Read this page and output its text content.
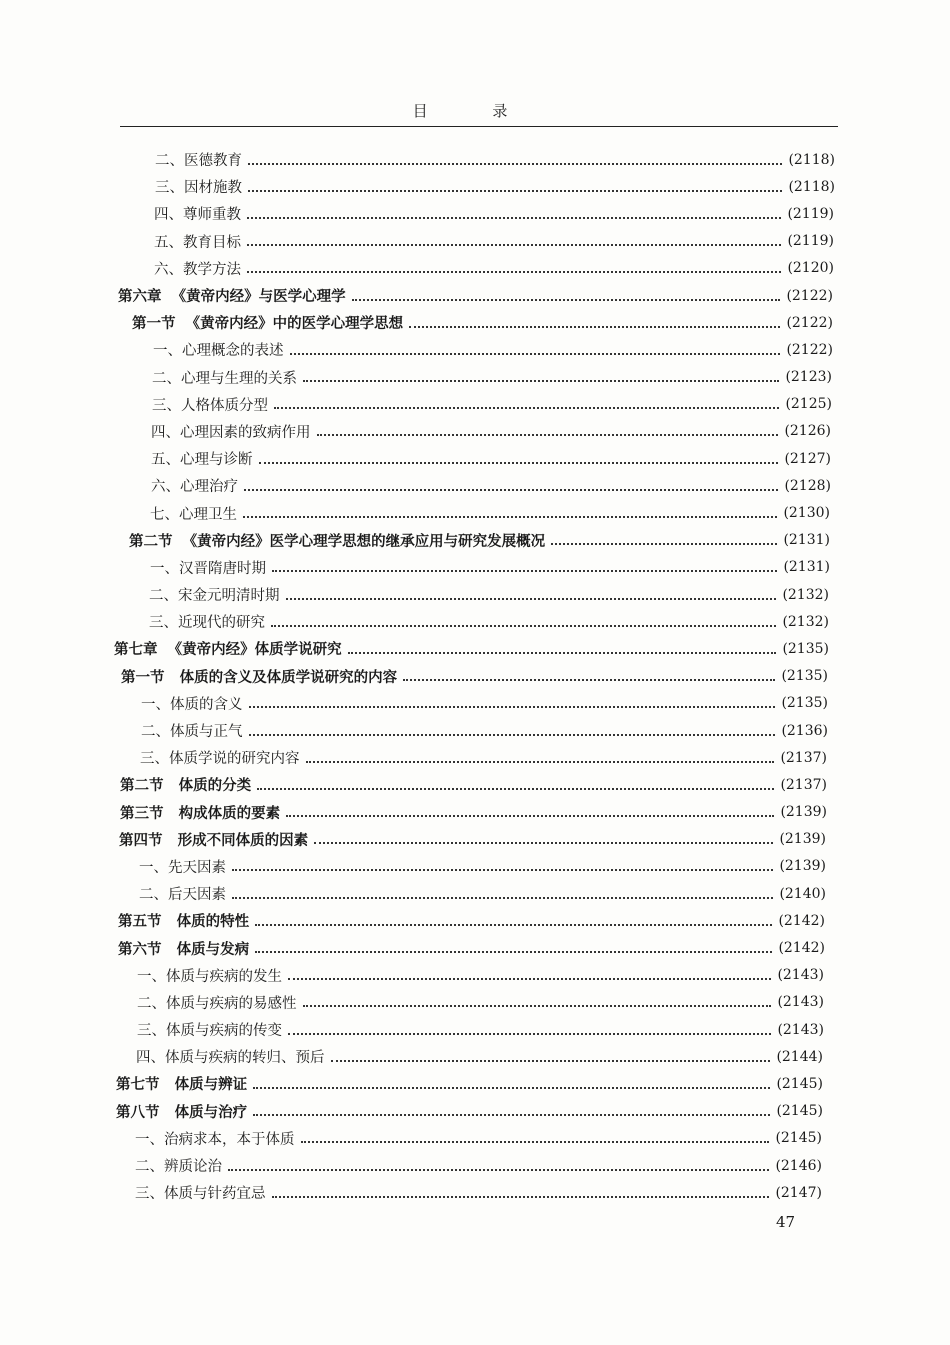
目 录
二、医德教育	(2118)
三、因材施教	(2118)
四、尊师重教	(2119)
五、教育目标	(2119)
六、教学方法	(2120)
第六章  《黄帝内经》与医学心理学	(2122)
第一节  《黄帝内经》中的医学心理学思想	(2122)
一、心理概念的表述	(2122)
二、心理与生理的关系	(2123)
三、人格体质分型	(2125)
四、心理因素的致病作用	(2126)
五、心理与诊断	(2127)
六、心理治疗	(2128)
七、心理卫生	(2130)
第二节  《黄帝内经》医学心理学思想的继承应用与研究发展概况	(2131)
一、汉晋隋唐时期	(2131)
二、宋金元明清时期	(2132)
三、近现代的研究	(2132)
第七章  《黄帝内经》体质学说研究	(2135)
第一节   体质的含义及体质学说研究的内容	(2135)
一、体质的含义	(2135)
二、体质与正气	(2136)
三、体质学说的研究内容	(2137)
第二节   体质的分类	(2137)
第三节   构成体质的要素	(2139)
第四节   形成不同体质的因素	(2139)
一、先天因素	(2139)
二、后天因素	(2140)
第五节   体质的特性	(2142)
第六节   体质与发病	(2142)
一、体质与疾病的发生	(2143)
二、体质与疾病的易感性	(2143)
三、体质与疾病的传变	(2143)
四、体质与疾病的转归、预后	(2144)
第七节   体质与辨证	(2145)
第八节   体质与治疗	(2145)
一、治病求本，本于体质	(2145)
二、辨质论治	(2146)
三、体质与针药宜忌	(2147)
47
